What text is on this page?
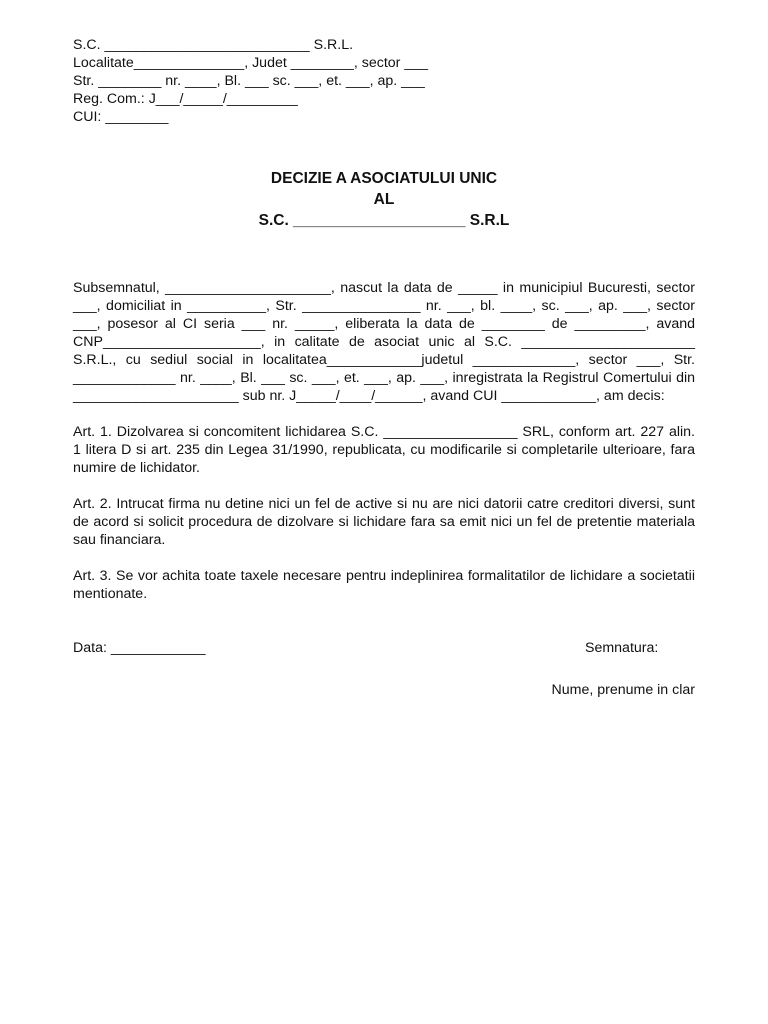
S.C. __________________________ S.R.L.

Localitate______________, Judet ________, sector ___

Str. ________ nr. ____, Bl. ___ sc. ___, et. ___, ap. ___

Reg. Com.: J___/_____/_________

CUI: ________

DECIZIE A ASOCIATULUI UNIC

AL

S.C. ____________________ S.R.L

Subsemnatul, _____________________, nascut la data de _____ in municipiul Bucuresti, sector ___, domiciliat in __________, Str. _______________ nr. ___, bl. ____, sc. ___, ap. ___, sector ___, posesor al CI seria ___ nr. _____, eliberata la data de ________ de _________, avand CNP____________________, in calitate de asociat unic al S.C. ______________________ S.R.L., cu sediul social in localitatea____________judetul _____________, sector ___, Str. _____________ nr. ____, Bl. ___ sc. ___, et. ___, ap. ___, inregistrata la Registrul Comertului din _____________________ sub nr. J_____/____/______, avand CUI ____________, am decis:

Art. 1. Dizolvarea si concomitent lichidarea S.C. _________________ SRL, conform art. 227 alin. 1 litera D si art. 235 din Legea 31/1990, republicata, cu modificarile si completarile ulterioare, fara numire de lichidator.

Art. 2. Intrucat firma nu detine nici un fel de active si nu are nici datorii catre creditori diversi, sunt de acord si solicit procedura de dizolvare si lichidare fara sa emit nici un fel de pretentie materiala sau financiara.

Art. 3. Se vor achita toate taxele necesare pentru indeplinirea formalitatilor de lichidare a societatii mentionate.

Data: ____________	Semnatura:
Nume, prenume in clar
